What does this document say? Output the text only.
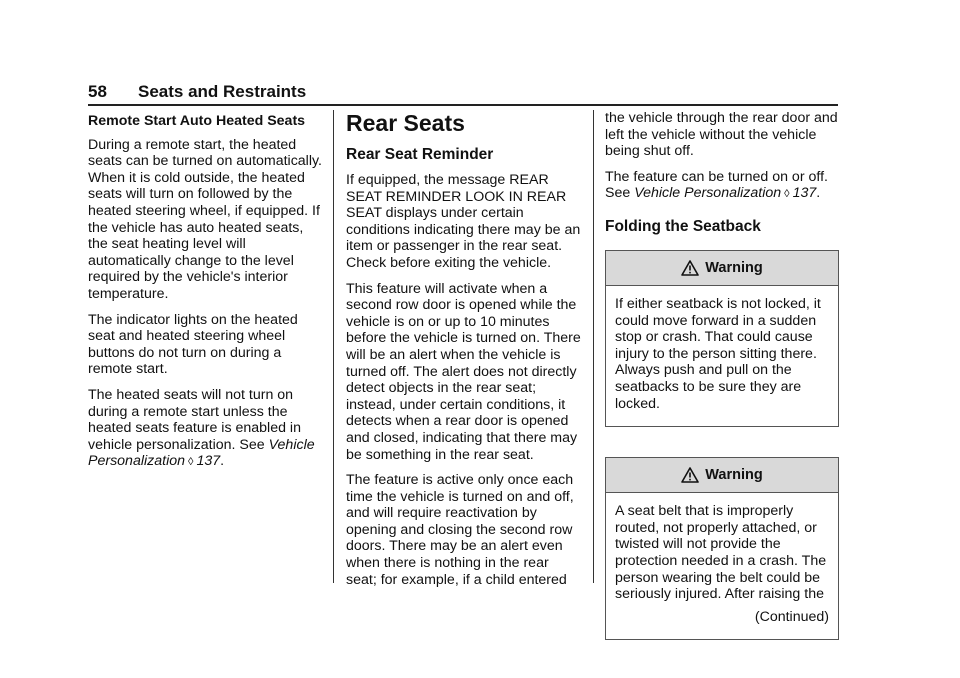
58 Seats and Restraints
Remote Start Auto Heated Seats

During a remote start, the heated seats can be turned on automatically. When it is cold outside, the heated seats will turn on followed by the heated steering wheel, if equipped. If the vehicle has auto heated seats, the seat heating level will automatically change to the level required by the vehicle's interior temperature.

The indicator lights on the heated seat and heated steering wheel buttons do not turn on during a remote start.

The heated seats will not turn on during a remote start unless the heated seats feature is enabled in vehicle personalization. See Vehicle Personalization ◊ 137.

Rear Seats
Rear Seat Reminder

If equipped, the message REAR SEAT REMINDER LOOK IN REAR SEAT displays under certain conditions indicating there may be an item or passenger in the rear seat. Check before exiting the vehicle.

This feature will activate when a second row door is opened while the vehicle is on or up to 10 minutes before the vehicle is turned on. There will be an alert when the vehicle is turned off. The alert does not directly detect objects in the rear seat; instead, under certain conditions, it detects when a rear door is opened and closed, indicating that there may be something in the rear seat.

The feature is active only once each time the vehicle is turned on and off, and will require reactivation by opening and closing the second row doors. There may be an alert even when there is nothing in the rear seat; for example, if a child entered

the vehicle through the rear door and left the vehicle without the vehicle being shut off.

The feature can be turned on or off. See Vehicle Personalization ◊ 137.

Folding the Seatback
Warning
If either seatback is not locked, it could move forward in a sudden stop or crash. That could cause injury to the person sitting there. Always push and pull on the seatbacks to be sure they are locked.
Warning
A seat belt that is improperly routed, not properly attached, or twisted will not provide the protection needed in a crash. The person wearing the belt could be seriously injured. After raising the
(Continued)
